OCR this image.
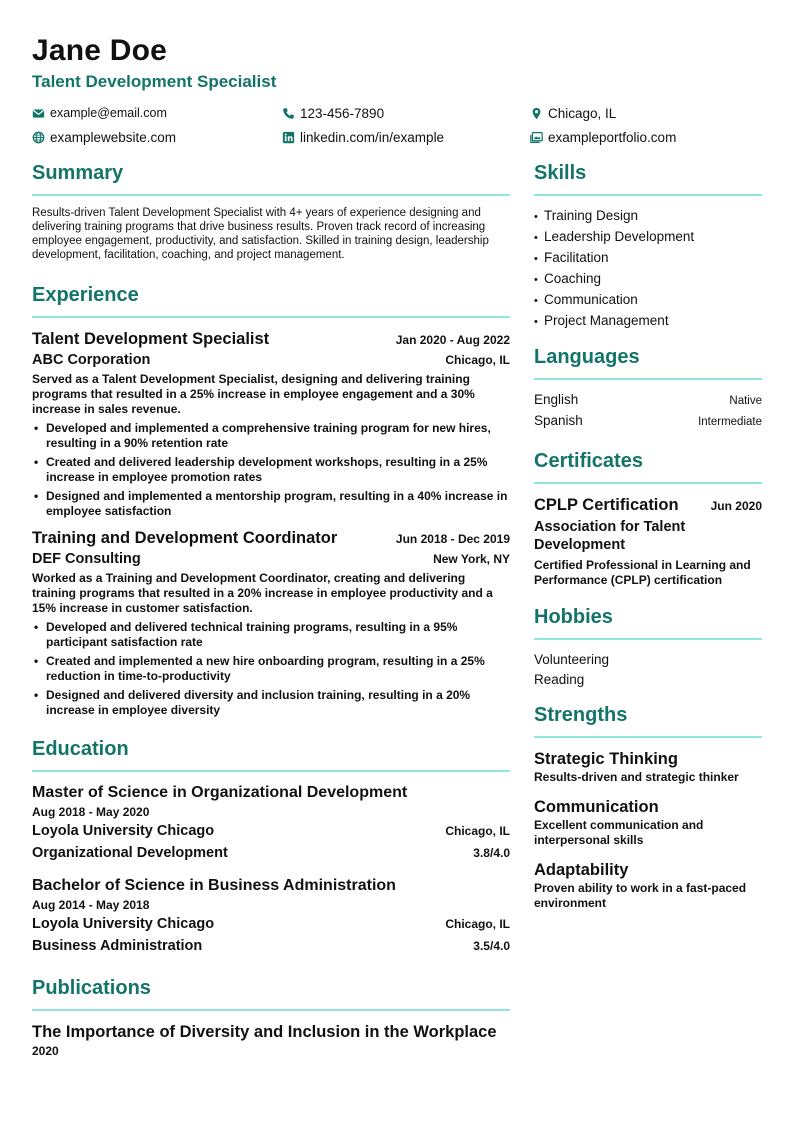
Jane Doe
Talent Development Specialist
example@email.com	123-456-7890	Chicago, IL
examplewebsite.com	linkedin.com/in/example	exampleportfolio.com
Summary
Results-driven Talent Development Specialist with 4+ years of experience designing and delivering training programs that drive business results. Proven track record of increasing employee engagement, productivity, and satisfaction. Skilled in training design, leadership development, facilitation, coaching, and project management.
Experience
Talent Development Specialist	Jan 2020 - Aug 2022
ABC Corporation	Chicago, IL
Served as a Talent Development Specialist, designing and delivering training programs that resulted in a 25% increase in employee engagement and a 30% increase in sales revenue.
• Developed and implemented a comprehensive training program for new hires, resulting in a 90% retention rate
• Created and delivered leadership development workshops, resulting in a 25% increase in employee promotion rates
• Designed and implemented a mentorship program, resulting in a 40% increase in employee satisfaction
Training and Development Coordinator	Jun 2018 - Dec 2019
DEF Consulting	New York, NY
Worked as a Training and Development Coordinator, creating and delivering training programs that resulted in a 20% increase in employee productivity and a 15% increase in customer satisfaction.
• Developed and delivered technical training programs, resulting in a 95% participant satisfaction rate
• Created and implemented a new hire onboarding program, resulting in a 25% reduction in time-to-productivity
• Designed and delivered diversity and inclusion training, resulting in a 20% increase in employee diversity
Education
Master of Science in Organizational Development
Aug 2018 - May 2020
Loyola University Chicago	Chicago, IL
Organizational Development	3.8/4.0
Bachelor of Science in Business Administration
Aug 2014 - May 2018
Loyola University Chicago	Chicago, IL
Business Administration	3.5/4.0
Publications
The Importance of Diversity and Inclusion in the Workplace
2020
Skills
• Training Design
• Leadership Development
• Facilitation
• Coaching
• Communication
• Project Management
Languages
English	Native
Spanish	Intermediate
Certificates
CPLP Certification	Jun 2020
Association for Talent Development
Certified Professional in Learning and Performance (CPLP) certification
Hobbies
Volunteering
Reading
Strengths
Strategic Thinking
Results-driven and strategic thinker
Communication
Excellent communication and interpersonal skills
Adaptability
Proven ability to work in a fast-paced environment
